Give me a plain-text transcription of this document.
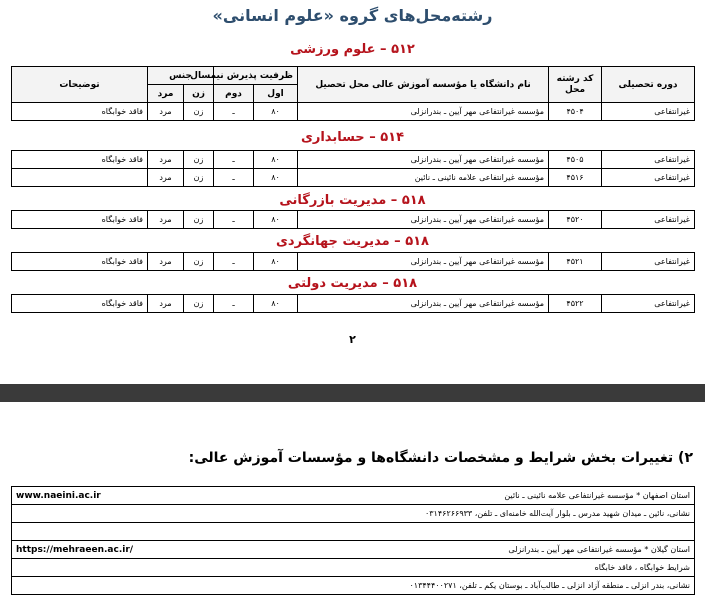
رشته‌محل‌های گروه «علوم انسانی»
۵۱۲ – علوم ورزشی
دوره تحصیلی	کد رشته محل	نام دانشگاه یا مؤسسه آموزش عالی محل تحصیل	ظرفیت پذیرش نیمسال		جنس		توضیحات
			اول	دوم	زن	مرد	
غیرانتفاعی	۴۵۰۴	مؤسسه غیرانتفاعی مهر آیین ـ بندرانزلی	۸۰	ـ	زن	مرد	فاقد خوابگاه
۵۱۴ – حسابداری
غیرانتفاعی	۴۵۰۵	مؤسسه غیرانتفاعی مهر آیین ـ بندرانزلی	۸۰	ـ	زن	مرد	فاقد خوابگاه
غیرانتفاعی	۴۵۱۶	مؤسسه غیرانتفاعی علامه نائینی ـ نائین	۸۰	ـ	زن	مرد	
۵۱۸ – مدیریت بازرگانی
غیرانتفاعی	۴۵۲۰	مؤسسه غیرانتفاعی مهر آیین ـ بندرانزلی	۸۰	ـ	زن	مرد	فاقد خوابگاه
۵۱۸ – مدیریت جهانگردی
غیرانتفاعی	۴۵۲۱	مؤسسه غیرانتفاعی مهر آیین ـ بندرانزلی	۸۰	ـ	زن	مرد	فاقد خوابگاه
۵۱۸ – مدیریت دولتی
غیرانتفاعی	۴۵۲۲	مؤسسه غیرانتفاعی مهر آیین ـ بندرانزلی	۸۰	ـ	زن	مرد	فاقد خوابگاه
۲
۲) تغییرات بخش شرایط و مشخصات دانشگاه‌ها و مؤسسات آموزش عالی:
www.naeini.ac.ir	استان اصفهان * مؤسسه غیرانتفاعی علامه نائینی ـ نائین
نشانی، نائین ـ میدان شهید مدرس ـ بلوار آیت‌الله خامنه‌ای ـ تلفن، ۰۳۱۴۶۲۶۶۹۳۳	

https://mehraeen.ac.ir/	استان گیلان * مؤسسه غیرانتفاعی مهر آیین ـ بندرانزلی
شرایط خوابگاه ، فاقد خابگاه	
نشانی، بندر انزلی ـ منطقه آزاد انزلی ـ طالب‌آباد ـ بوستان یکم ـ تلفن، ۰۱۳۴۴۴۰۰۲۷۱	
